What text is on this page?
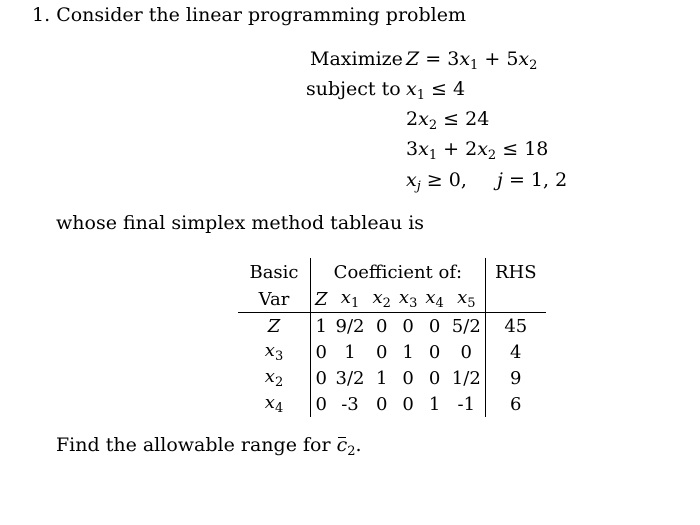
1. Consider the linear programming problem
Maximize $Z = 3x_1 + 5x_2$
subject to $x_1 \le 4$
$2x_2 \le 24$
$3x_1 + 2x_2 \le 18$
$x_j \ge 0$, j = 1, 2
whose final simplex method tableau is
Basic	Coefficient of:						RHS
Var	Z	$x_1$	$x_2$	$x_3$	$x_4$	$x_5$	
Z	1	9/2	0	0	0	5/2	45
$x_3$	0	1	0	1	0	0	4
$x_2$	0	3/2	1	0	0	1/2	9
$x_4$	0	-3	0	0	1	-1	6
Find the allowable range for $c_2$.
